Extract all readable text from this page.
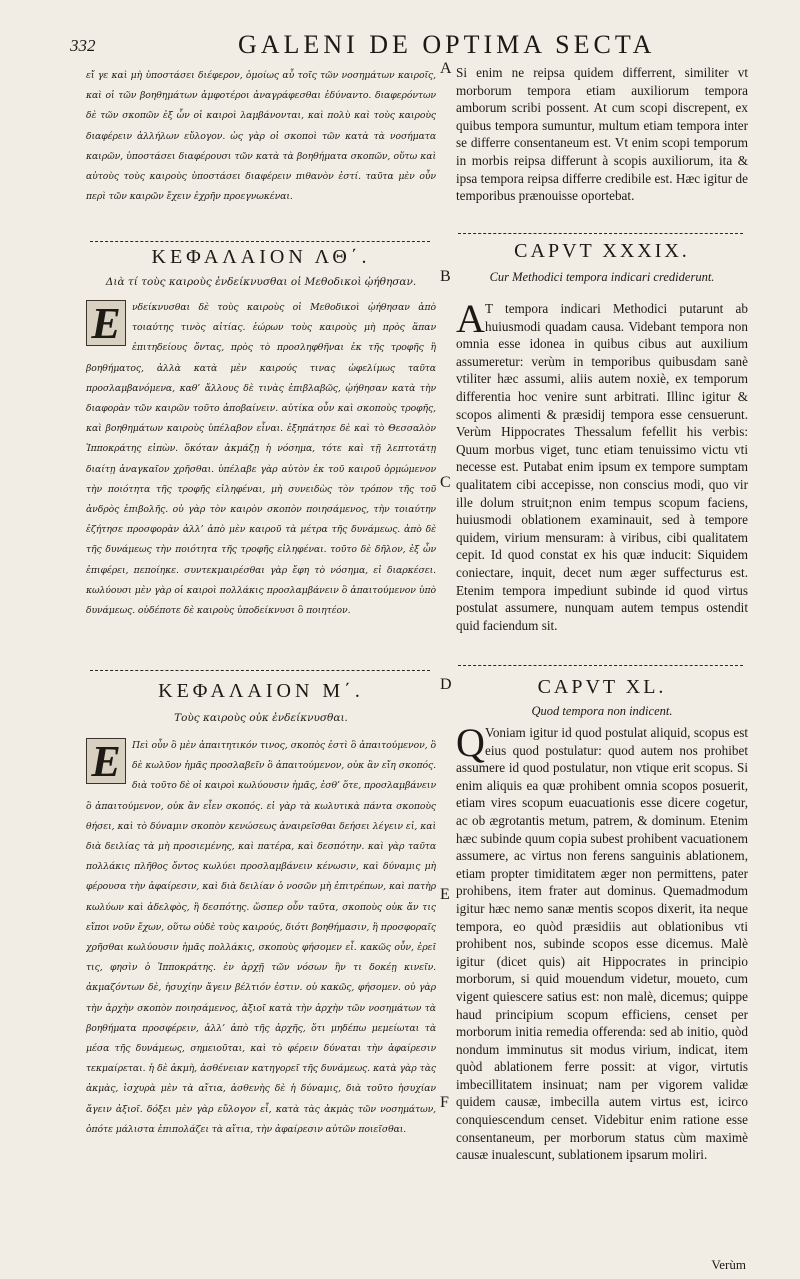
332	GALENI DE OPTIMA SECTA
A
B
C
D
E
F

εἴ γε καὶ μὴ ὑποστάσει διέφερον, ὁμοίως αὖ τοῖς τῶν νοσημάτων καιροῖς, καὶ οἱ τῶν βοηθημάτων ἀμφοτέροι ἀναγράφεσθαι ἐδύναντο. διαφερόντων δὲ τῶν σκοπῶν ἐξ ὧν οἱ καιροὶ λαμβάνονται, καὶ πολὺ καὶ τοὺς καιροὺς διαφέρειν ἀλλήλων εὔλογον. ὡς γὰρ οἱ σκοποὶ τῶν κατὰ τὰ νοσήματα καιρῶν, ὑποστάσει διαφέρουσι τῶν κατὰ τὰ βοηθήματα σκοπῶν, οὕτω καὶ αὐτοὺς τοὺς καιροὺς ὑποστάσει διαφέρειν πιθανὸν ἐστί. ταῦτα μὲν οὖν περὶ τῶν καιρῶν ἔχειν ἐχρῆν προεγνωκέναι.

Si enim ne reipsa quidem differrent, similiter vt morborum tempora etiam auxiliorum tempora amborum scribi possent. At cum scopi discrepent, ex quibus tempora sumuntur, multum etiam tempora inter se differre consentaneum est. Vt enim scopi temporum in morbis reipsa differunt à scopis auxiliorum, ita & ipsa tempora reipsa differre credibile est. Hæc igitur de temporibus prænouisse oportebat.

ΚΕΦΑΛΑΙΟΝ ΛΘ΄.	CAPVT XXXIX.
Διὰ τί τοὺς καιροὺς ἐνδείκνυσθαι οἱ Μεθοδικοὶ ᾠήθησαν.	Cur Methodici tempora indicari crediderunt.

Ε	νδείκνυσθαι δὲ τοὺς καιροὺς οἱ Μεθοδικοὶ ᾠήθησαν ἀπὸ τοιαύτης τινὸς αἰτίας. ἑώρων τοὺς καιροὺς μὴ πρὸς ἅπαν ἐπιτηδείους ὄντας, πρὸς τὸ προσληφθῆναι ἐκ τῆς τροφῆς ἢ βοηθήματος, ἀλλὰ κατὰ μὲν καιρούς τινας ὠφελίμως ταῦτα προσλαμβανόμενα, καθ’ ἄλλους δὲ τινὰς ἐπιβλαβῶς, ᾠήθησαν κατὰ τὴν διαφορὰν τῶν καιρῶν τοῦτο ἀποβαίνειν. αὐτίκα οὖν καὶ σκοποὺς τροφῆς, καὶ βοηθημάτων καιροὺς ὑπέλαβον εἶναι. ἐξηπάτησε δὲ καὶ τὸ Θεσσαλὸν Ἱπποκράτης εἰπὼν. ὅκόταν ἀκμάζῃ ἡ νόσημα, τότε καὶ τῇ λεπτοτάτῃ διαίτῃ ἀναγκαῖον χρῆσθαι. ὑπέλαβε γὰρ αὐτὸν ἐκ τοῦ καιροῦ ὁρμώμενον τὴν ποιότητα τῆς τροφῆς εἰληφέναι, μὴ συνειδὼς τὸν τρόπον τῆς τοῦ ἀνδρὸς ἐπιβολῆς. οὐ γὰρ τὸν καιρὸν σκοπὸν ποιησάμενος, τὴν τοιαύτην ἐζήτησε προσφορὰν ἀλλ’ ἀπὸ μὲν καιροῦ τὰ μέτρα τῆς δυνάμεως. ἀπὸ δὲ τῆς δυνάμεως τὴν ποιότητα τῆς τροφῆς εἰληφέναι. τοῦτο δὲ δῆλον, ἐξ ὧν ἐπιφέρει, πεποίηκε. συντεκμαιρέσθαι γὰρ ἔφη τὸ νόσημα, εἰ διαρκέσει. κωλύουσι μὲν γὰρ οἱ καιροὶ πολλάκις προσλαμβάνειν ὃ ἀπαιτούμενον ὑπὸ δυνάμεως. οὐδέποτε δὲ καιροὺς ὑποδείκνυσι ὃ ποιητέον.

A T tempora indicari Methodici putarunt ab huiusmodi quadam causa. Videbant tempora non omnia esse idonea in quibus cibus aut auxilium assumeretur: verùm in temporibus quibusdam sanè vtiliter hæc assumi, aliis autem noxiè, ex temporum differentia hoc venire sunt arbitrati. Illinc igitur & scopos alimenti & præsidij tempora esse censuerunt. Verùm Hippocrates Thessalum fefellit his verbis: Quum morbus viget, tunc etiam tenuissimo victu vti necesse est. Putabat enim ipsum ex tempore sumptam qualitatem cibi accepisse, non conscius modi, quo vir ille dolum struit;non enim tempus scopum faciens, huiusmodi oblationem examinauit, sed à tempore quidem, virium mensuram: à viribus, cibi qualitatem cepit. Id quod constat ex his quæ inducit: Siquidem coniectare, inquit, decet num æger suffecturus est. Etenim tempora impediunt subinde id quod virtus postulat assumere, nunquam autem tempus ostendit quid faciendum sit.

ΚΕΦΑΛΑΙΟΝ Μ΄.	CAPVT XL.
Τοὺς καιροὺς οὐκ ἐνδείκνυσθαι.	Quod tempora non indicent.

Ε	Πεὶ οὖν ὃ μὲν ἀπαιτητικόν τινος, σκοπὸς ἐστὶ ὃ ἀπαιτούμενον, ὃ δὲ κωλῦον ἡμᾶς προσλαβεῖν ὃ ἀπαιτούμενον, οὐκ ἂν εἴη σκοπός. διὰ τοῦτο δὲ οἱ καιροὶ κωλύουσιν ἡμᾶς, ἐσθ’ ὅτε, προσλαμβάνειν ὃ ἀπαιτούμενον, οὐκ ἂν εἶεν σκοπός. εἰ γὰρ τὰ κωλυτικὰ πάντα σκοποὺς θήσει, καὶ τὸ δύναμιν σκοπὸν κενώσεως ἀναιρεῖσθαι δεήσει λέγειν εἰ, καὶ διὰ δειλίας τὰ μὴ προσιεμένης, καὶ πατέρα, καὶ δεσπότην. καὶ γὰρ ταῦτα πολλάκις πλῆθος ὄντος κωλύει προσλαμβάνειν κένωσιν, καὶ δύναμις μὴ φέρουσα τὴν ἀφαίρεσιν, καὶ διὰ δειλίαν ὁ νοσῶν μὴ ἐπιτρέπων, καὶ πατὴρ κωλύων καὶ ἀδελφὸς, ἢ δεσπότης. ὥσπερ οὖν ταῦτα, σκοποὺς οὐκ ἄν τις εἴποι νοῦν ἔχων, οὕτω οὐδὲ τοὺς καιρούς, διότι βοηθήμασιν, ἢ προσφοραῖς χρῆσθαι κωλύουσιν ἡμᾶς πολλάκις, σκοποὺς φήσομεν εἶ. κακῶς οὖν, ἐρεῖ τις, φησὶν ὁ Ἱπποκράτης. ἐν ἀρχῇ τῶν νόσων ἢν τι δοκέῃ κινεῖν. ἀκμαζόντων δὲ, ἡσυχίην ἄγειν βέλτιόν ἐστιν. οὐ κακῶς, φήσομεν. οὐ γὰρ τὴν ἀρχὴν σκοπὸν ποιησάμενος, ἀξιοῖ κατὰ τὴν ἀρχὴν τῶν νοσημάτων τὰ βοηθήματα προσφέρειν, ἀλλ’ ἀπὸ τῆς ἀρχῆς, ὅτι μηδέπω μεμείωται τὰ μέσα τῆς δυνάμεως, σημειοῦται, καὶ τὸ φέρειν δύναται τὴν ἀφαίρεσιν τεκμαίρεται. ἡ δὲ ἀκμὴ, ἀσθένειαν κατηγορεῖ τῆς δυνάμεως. κατὰ γὰρ τὰς ἀκμὰς, ἰσχυρὰ μὲν τὰ αἴτια, ἀσθενὴς δὲ ἡ δύναμις, διὰ τοῦτο ἡσυχίαν ἄγειν ἀξιοῖ. δόξει μὲν γὰρ εὔλογον εἶ, κατὰ τὰς ἀκμὰς τῶν νοσημάτων, ὁπότε μάλιστα ἐπιπολάζει τὰ αἴτια, τὴν ἀφαίρεσιν αὐτῶν ποιεῖσθαι.

Q Voniam igitur id quod postulat aliquid, scopus est eius quod postulatur: quod autem nos prohibet assumere id quod postulatur, non vtique erit scopus. Si enim aliquis ea quæ prohibent omnia scopos posuerit, etiam vires scopum euacuationis esse dicere cogetur, ac ob ægrotantis metum, patrem, & dominum. Etenim hæc subinde quum copia subest prohibent vacuationem assumere, ac virtus non ferens sanguinis ablationem, etiam propter timiditatem æger non permittens, pater prohibens, item frater aut dominus. Quemadmodum igitur hæc nemo sanæ mentis scopos dixerit, ita neque tempora, eo quòd præsidiis aut oblationibus vti prohibent nos, subinde scopos esse dicemus. Malè igitur (dicet quis) ait Hippocrates in principio morborum, si quid mouendum videtur, moueto, cum vigent quiescere satius est: non malè, dicemus; quippe haud principium scopum efficiens, censet per morborum initia remedia offerenda: sed ab initio, quòd nondum imminutus sit modus virium, indicat, item quòd ablationem ferre possit: at vigor, virtutis imbecillitatem insinuat; nam per vigorem validæ quidem causæ, imbecilla autem virtus est, icirco conquiescendum censet. Videbitur enim ratione esse consentaneum, per morborum status cùm maximè causæ inualescunt, sublationem ipsarum moliri.

Verùm
